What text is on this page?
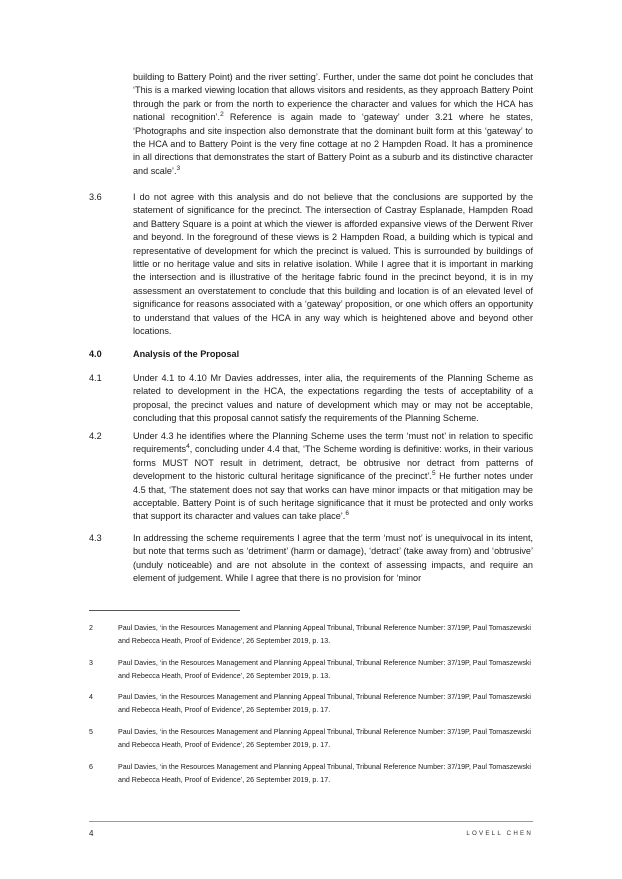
building to Battery Point) and the river setting’. Further, under the same dot point he concludes that ‘This is a marked viewing location that allows visitors and residents, as they approach Battery Point through the park or from the north to experience the character and values for which the HCA has national recognition’.$^2$ Reference is again made to ‘gateway’ under 3.21 where he states, ‘Photographs and site inspection also demonstrate that the dominant built form at this ‘gateway’ to the HCA and to Battery Point is the very fine cottage at no 2 Hampden Road. It has a prominence in all directions that demonstrates the start of Battery Point as a suburb and its distinctive character and scale’.$^3$
3.6	I do not agree with this analysis and do not believe that the conclusions are supported by the statement of significance for the precinct. The intersection of Castray Esplanade, Hampden Road and Battery Square is a point at which the viewer is afforded expansive views of the Derwent River and beyond. In the foreground of these views is 2 Hampden Road, a building which is typical and representative of development for which the precinct is valued. This is surrounded by buildings of little or no heritage value and sits in relative isolation. While I agree that it is important in marking the intersection and is illustrative of the heritage fabric found in the precinct beyond, it is in my assessment an overstatement to conclude that this building and location is of an elevated level of significance for reasons associated with a ‘gateway’ proposition, or one which offers an opportunity to understand that values of the HCA in any way which is heightened above and beyond other locations.
4.0	Analysis of the Proposal
4.1	Under 4.1 to 4.10 Mr Davies addresses, inter alia, the requirements of the Planning Scheme as related to development in the HCA, the expectations regarding the tests of acceptability of a proposal, the precinct values and nature of development which may or may not be acceptable, concluding that this proposal cannot satisfy the requirements of the Planning Scheme.
4.2	Under 4.3 he identifies where the Planning Scheme uses the term ‘must not’ in relation to specific requirements$^4$, concluding under 4.4 that, ‘The Scheme wording is definitive: works, in their various forms MUST NOT result in detriment, detract, be obtrusive nor detract from patterns of development to the historic cultural heritage significance of the precinct’.$^5$ He further notes under 4.5 that, ‘The statement does not say that works can have minor impacts or that mitigation may be acceptable. Battery Point is of such heritage significance that it must be protected and only works that support its character and values can take place’.$^6$
4.3	In addressing the scheme requirements I agree that the term ‘must not’ is unequivocal in its intent, but note that terms such as ‘detriment’ (harm or damage), ‘detract’ (take away from) and ‘obtrusive’ (unduly noticeable) and are not absolute in the context of assessing impacts, and require an element of judgement. While I agree that there is no provision for ‘minor
2	Paul Davies, ‘in the Resources Management and Planning Appeal Tribunal, Tribunal Reference Number: 37/19P, Paul Tomaszewski and Rebecca Heath, Proof of Evidence’, 26 September 2019, p. 13.
3	Paul Davies, ‘in the Resources Management and Planning Appeal Tribunal, Tribunal Reference Number: 37/19P, Paul Tomaszewski and Rebecca Heath, Proof of Evidence’, 26 September 2019, p. 13.
4	Paul Davies, ‘in the Resources Management and Planning Appeal Tribunal, Tribunal Reference Number: 37/19P, Paul Tomaszewski and Rebecca Heath, Proof of Evidence’, 26 September 2019, p. 17.
5	Paul Davies, ‘in the Resources Management and Planning Appeal Tribunal, Tribunal Reference Number: 37/19P, Paul Tomaszewski and Rebecca Heath, Proof of Evidence’, 26 September 2019, p. 17.
6	Paul Davies, ‘in the Resources Management and Planning Appeal Tribunal, Tribunal Reference Number: 37/19P, Paul Tomaszewski and Rebecca Heath, Proof of Evidence’, 26 September 2019, p. 17.
4	LOVELL CHEN
